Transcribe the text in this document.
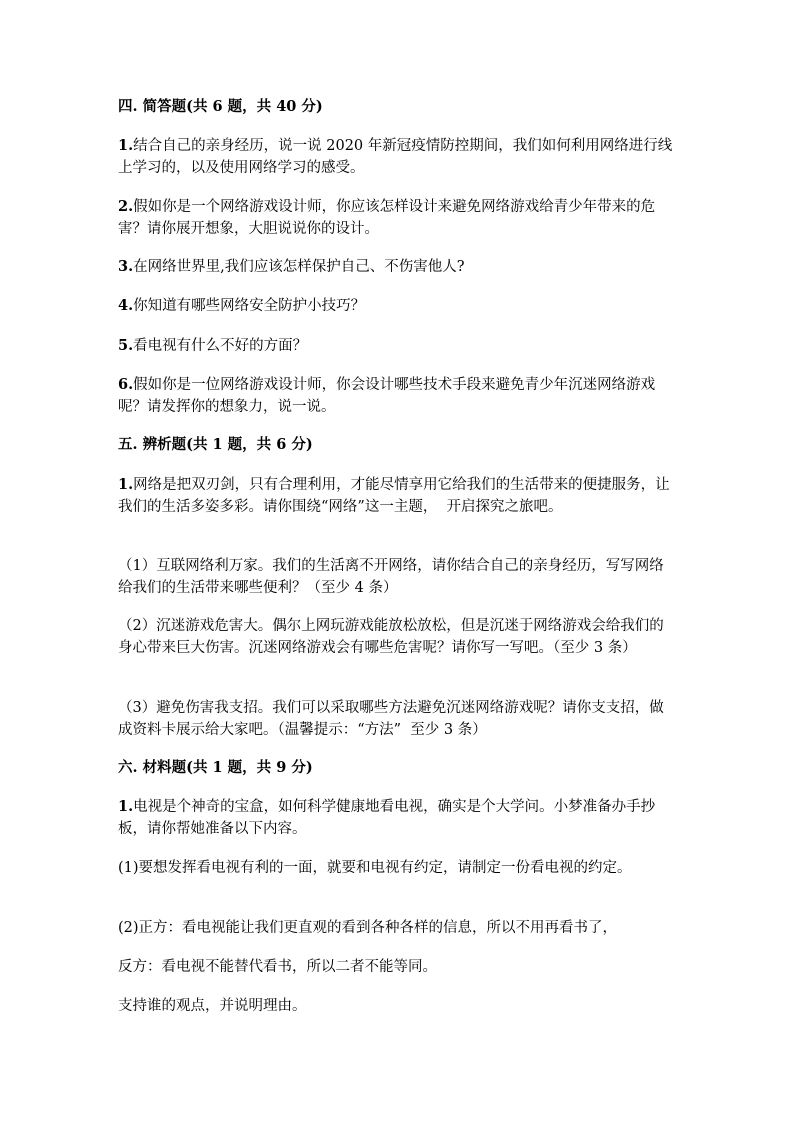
四. 简答题(共 6 题，共 40 分)
1.结合自己的亲身经历，说一说 2020 年新冠疫情防控期间，我们如何利用网络进行线上学习的，以及使用网络学习的感受。
2.假如你是一个网络游戏设计师，你应该怎样设计来避免网络游戏给青少年带来的危害？请你展开想象，大胆说说你的设计。
3.在网络世界里,我们应该怎样保护自己、不伤害他人?
4.你知道有哪些网络安全防护小技巧？
5.看电视有什么不好的方面？
6.假如你是一位网络游戏设计师，你会设计哪些技术手段来避免青少年沉迷网络游戏呢？请发挥你的想象力，说一说。
五. 辨析题(共 1 题，共 6 分)
1.网络是把双刃剑，只有合理利用，才能尽情享用它给我们的生活带来的便捷服务，让我们的生活多姿多彩。请你围绕“网络”这一主题，  开启探究之旅吧。
（1）互联网络利万家。我们的生活离不开网络，请你结合自己的亲身经历，写写网络给我们的生活带来哪些便利？（至少 4 条）
（2）沉迷游戏危害大。偶尔上网玩游戏能放松放松，但是沉迷于网络游戏会给我们的身心带来巨大伤害。沉迷网络游戏会有哪些危害呢？请你写一写吧。（至少 3 条）
（3）避免伤害我支招。我们可以采取哪些方法避免沉迷网络游戏呢？请你支支招，做成资料卡展示给大家吧。（温馨提示：“方法”  至少 3 条）
六. 材料题(共 1 题，共 9 分)
1.电视是个神奇的宝盒，如何科学健康地看电视，确实是个大学问。小梦准备办手抄板，请你帮她准备以下内容。
(1)要想发挥看电视有利的一面，就要和电视有约定，请制定一份看电视的约定。
(2)正方：看电视能让我们更直观的看到各种各样的信息，所以不用再看书了，
反方：看电视不能替代看书，所以二者不能等同。
支持谁的观点，并说明理由。
